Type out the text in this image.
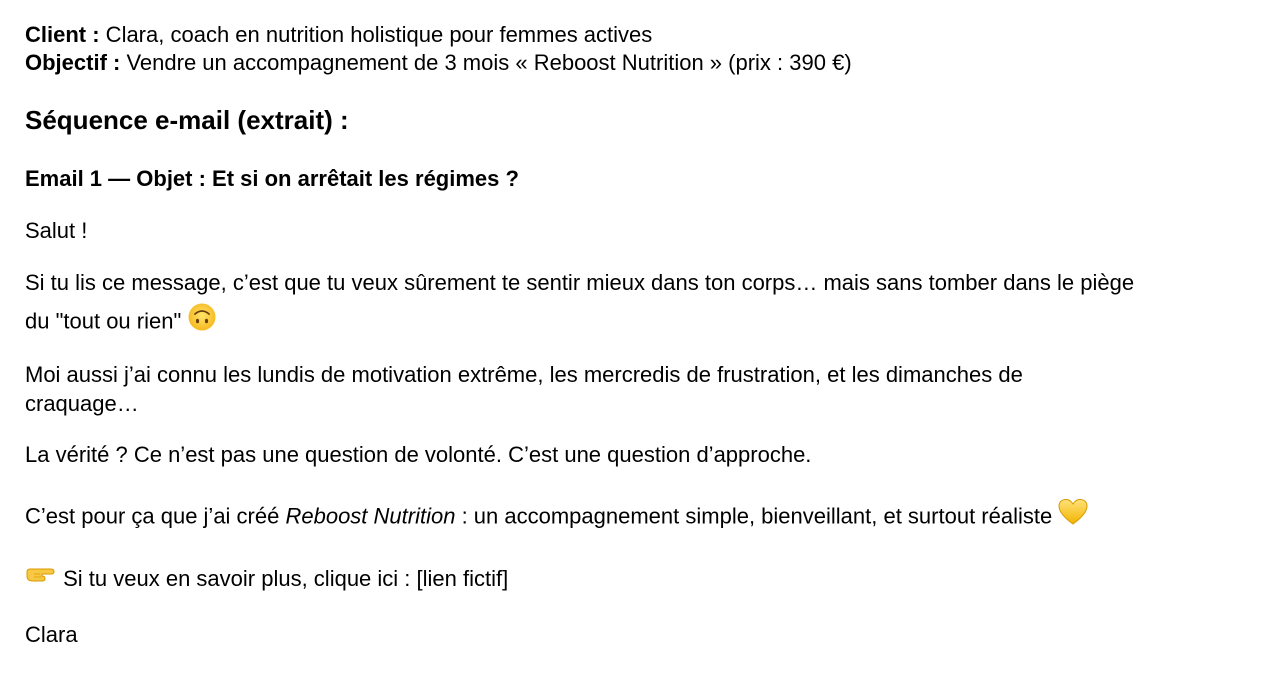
Client : Clara, coach en nutrition holistique pour femmes actives
Objectif : Vendre un accompagnement de 3 mois « Reboost Nutrition » (prix : 390 €)
Séquence e-mail (extrait) :
Email 1 — Objet : Et si on arrêtait les régimes ?
Salut !
Si tu lis ce message, c’est que tu veux sûrement te sentir mieux dans ton corps… mais sans tomber dans le piège
du "tout ou rien"
Moi aussi j’ai connu les lundis de motivation extrême, les mercredis de frustration, et les dimanches de craquage…
La vérité ? Ce n’est pas une question de volonté. C’est une question d’approche.
C’est pour ça que j’ai créé Reboost Nutrition : un accompagnement simple, bienveillant, et surtout réaliste
Si tu veux en savoir plus, clique ici : [lien fictif]
Clara
